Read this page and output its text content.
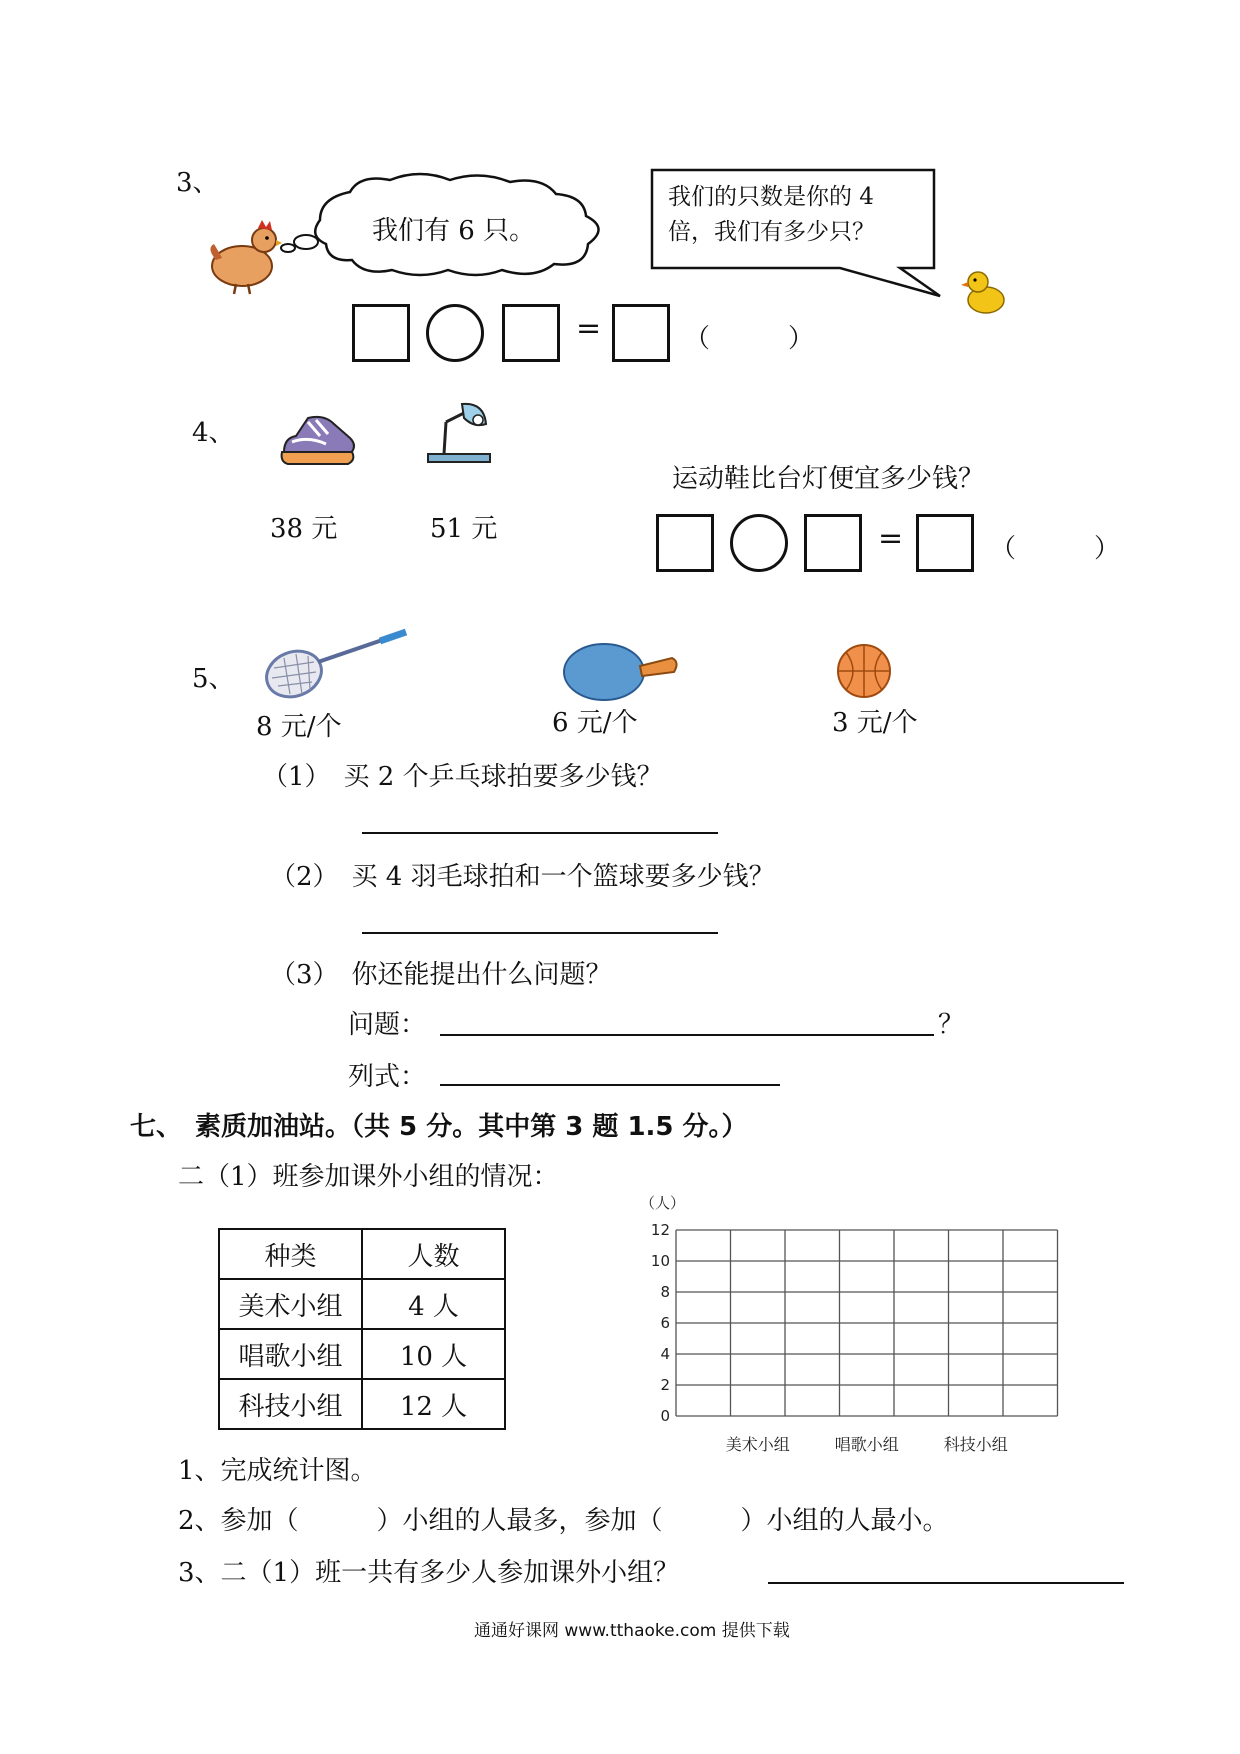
3、
我们有 6 只。
我们的只数是你的 4
倍，我们有多少只？
=	（　　　）
4、
38 元	51 元
运动鞋比台灯便宜多少钱？
=	（　　　）
5、
8 元/个	6 元/个	3 元/个
（1）　买 2 个乒乓球拍要多少钱？
（2）　买 4 羽毛球拍和一个篮球要多少钱？
（3）　你还能提出什么问题？
问题：	？
列式：
七、　素质加油站。（共 5 分。其中第 3 题 1.5 分。）
二（1）班参加课外小组的情况：
种类	人数
美术小组	4 人
唱歌小组	10 人
科技小组	12 人
（人）
0
2
4
6
8
10
12
美术小组	唱歌小组	科技小组
1、完成统计图。
2、参加（　　　）小组的人最多，参加（　　　）小组的人最小。
3、二（1）班一共有多少人参加课外小组？
通通好课网 www.tthaoke.com 提供下载
